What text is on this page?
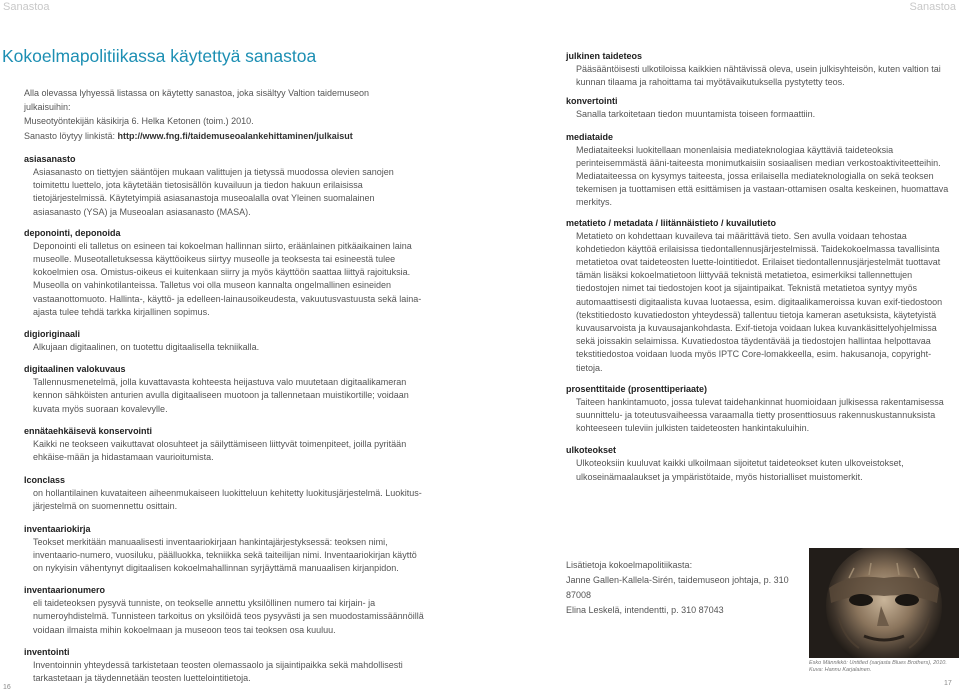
Sanastoa	Sanastoa
Kokoelmapolitiikassa käytettyä sanastoa
Alla olevassa lyhyessä listassa on käytetty sanastoa, joka sisältyy Valtion taidemuseon julkaisuihin:
Museotyöntekijän käsikirja 6. Helka Ketonen (toim.) 2010.
Sanasto löytyy linkistä: http://www.fng.fi/taidemuseoalankehittaminen/julkaisut
asiasanasto
Asiasanasto on tiettyjen sääntöjen mukaan valittujen ja tietyssä muodossa olevien sanojen toimitettu luettelo, jota käytetään tietosisällön kuvailuun ja tiedon hakuun erilaisissa tietojärjestelmissä. Käytetyimpiä asiasanastoja museoalalla ovat Yleinen suomalainen asiasanasto (YSA) ja Museoalan asiasanasto (MASA).
deponointi, deponoida
Deponointi eli talletus on esineen tai kokoelman hallinnan siirto, eräänlainen pitkäaikainen laina museolle. Museotalletuksessa käyttöoikeus siirtyy museolle ja teoksesta tai esineestä tulee kokoelmien osa. Omistus-oikeus ei kuitenkaan siirry ja myös käyttöön saattaa liittyä rajoituksia. Museolla on vahinkotilanteissa. Talletus voi olla museon kannalta ongelmallinen esineiden vastaanottomuoto. Hallinta-, käyttö- ja edelleen-lainausoikeudesta, vakuutusvastuusta sekä laina-ajasta tulee tehdä tarkka kirjallinen sopimus.
digioriginaali
Alkujaan digitaalinen, on tuotettu digitaalisella tekniikalla.
digitaalinen valokuvaus
Tallennusmenetelmä, jolla kuvattavasta kohteesta heijastuva valo muutetaan digitaalikameran kennon sähköisten anturien avulla digitaaliseen muotoon ja tallennetaan muistikortille; voidaan kuvata myös suoraan kovalevylle.
ennätaehkäisevä konservointi
Kaikki ne teokseen vaikuttavat olosuhteet ja säilyttämiseen liittyvät toimenpiteet, joilla pyritään ehkäise-mään ja hidastamaan vaurioitumista.
Iconclass
on hollantilainen kuvataiteen aiheenmukaiseen luokitteluun kehitetty luokitusjärjestelmä. Luokitus-järjestelmä on suomennettu osittain.
inventaariokirja
Teokset merkitään manuaalisesti inventaariokirjaan hankintajärjestyksessä: teoksen nimi, inventaario-numero, vuosiluku, päälluokka, tekniikka sekä taiteilijan nimi. Inventaariokirjan käyttö on nykyisin vähentynyt digitaalisen kokoelmahallinnan syrjäyttämä manuaalisen kirjanpidon.
inventaarionumero
eli taideteoksen pysyvä tunniste, on teokselle annettu yksilöllinen numero tai kirjain- ja numeroyhdistelmä. Tunnisteen tarkoitus on yksilöidä teos pysyvästi ja sen muodostamissäännöillä voidaan ilmaista mihin kokoelmaan ja museoon teos tai teoksen osa kuuluu.
inventointi
Inventoinnin yhteydessä tarkistetaan teosten olemassaolo ja sijaintipaikka sekä mahdollisesti tarkastetaan ja täydennetään teosten luettelointitietoja.
julkinen taideteos
Pääsääntöisesti ulkotiloissa kaikkien nähtävissä oleva, usein julkisyhteisön, kuten valtion tai kunnan tilaama ja rahoittama tai myötävaikutuksella pystytetty teos.
konvertointi
Sanalla tarkoitetaan tiedon muuntamista toiseen formaattiin.
mediataide
Mediataiteeksi luokitellaan monenlaisia mediateknologiaa käyttäviä taideteoksia perinteisemmästä ääni-taiteesta monimutkaisiin sosiaalisen median verkostoaktiviteetteihin. Mediataiteessa on kysymys taiteesta, jossa erilaisella mediateknologialla on sekä teoksen tekemisen ja tuottamisen että esittämisen ja vastaan-ottamisen osalta keskeinen, huomattava merkitys.
metatieto / metadata / liitännäistieto / kuvailutieto
Metatieto on kohdettaan kuvaileva tai määrittävä tieto. Sen avulla voidaan tehostaa kohdetiedon käyttöä erilaisissa tiedontallennusjärjestelmissä. Taidekokoelmassa tavallisinta metatietoa ovat taideteosten luette-lointitiedot. Erilaiset tiedontallennusjärjestelmät tuottavat tämän lisäksi kokoelmatietoon liittyvää teknistä metatietoa, esimerkiksi tallennettujen tiedostojen nimet tai tiedostojen koot ja sijaintipaikat. Teknistä metatietoa syntyy myös automaattisesti digitaalista kuvaa luotaessa, esim. digitaalikameroissa kuvan exif-tiedostoon (tekstitiedosto kuvatiedoston yhteydessä) tallentuu tietoja kameran asetuksista, käytetyistä kuvausarvoista ja kuvausajankohdasta. Exif-tietoja voidaan lukea kuvankäsittelyohjelmissa sekä joissakin selaimissa. Kuvatiedostoa täydentävää ja tiedostojen hallintaa helpottavaa tekstitiedostoa voidaan luoda myös IPTC Core-lomakkeella, esim. hakusanoja, copyright- tietoja.
prosenttitaide (prosenttiperiaate)
Taiteen hankintamuoto, jossa tulevat taidehankinnat huomioidaan julkisessa rakentamisessa suunnittelu- ja toteutusvaiheessa varaamalla tietty prosenttiosuus rakennuskustannuksista kohteeseen tuleviin julkisten taideteosten hankintakuluihin.
ulkoteokset
Ulkoteoksiin kuuluvat kaikki ulkoilmaan sijoitetut taideteokset kuten ulkoveistokset, ulkoseinämaalaukset ja ympäristötaide, myös historialliset muistomerkit.
Lisätietoja kokoelmapolitiikasta:
Janne Gallen-Kallela-Sirén, taidemuseon johtaja, p. 310 87008
Elina Leskelä, intendentti, p. 310 87043
Esko Männikkö: Untitled (sarjasta Blues Brothers), 2010.
Kuva: Hannu Karjalainen.
16
17
